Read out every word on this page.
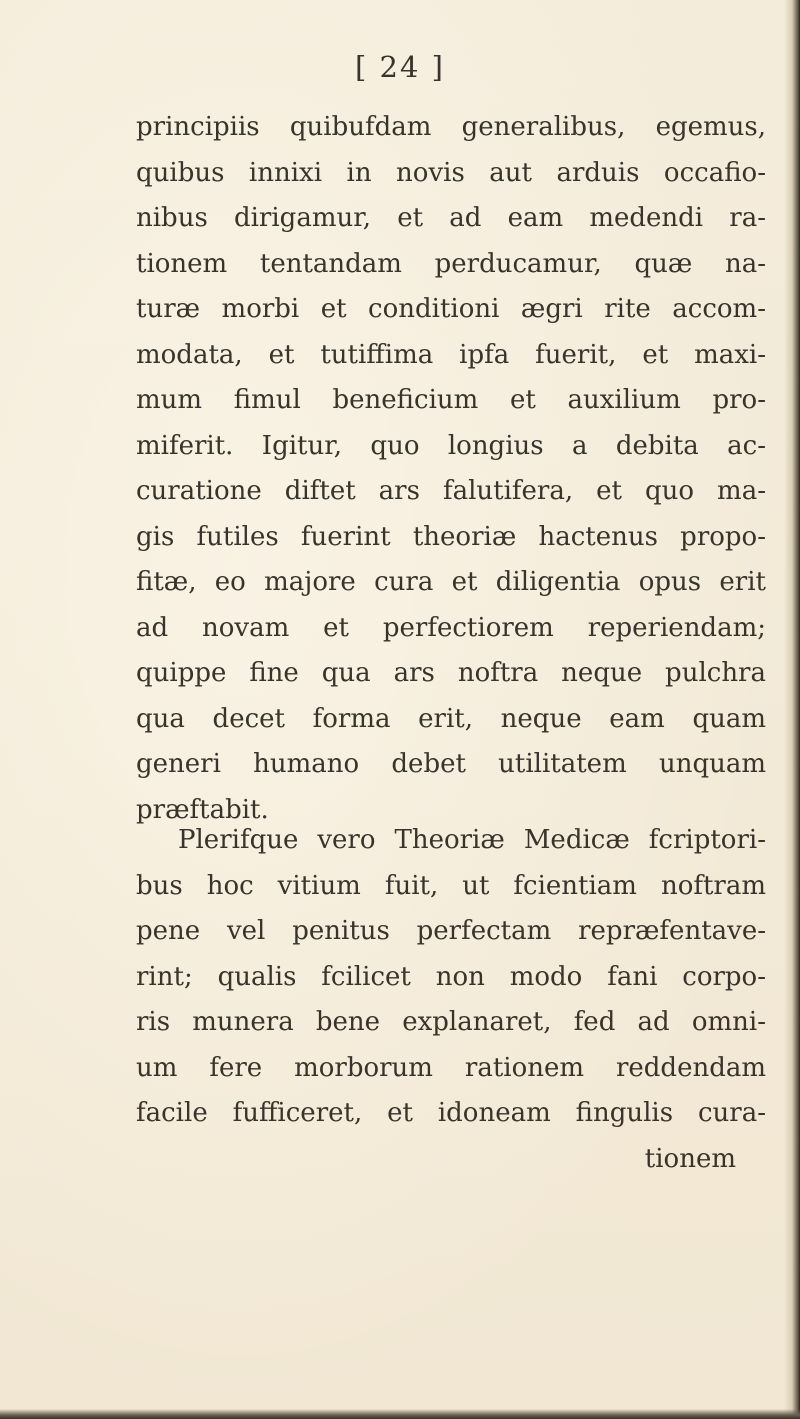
[ 24 ]
principiis quibufdam generalibus, egemus,
quibus innixi in novis aut arduis occafio-
nibus dirigamur, et ad eam medendi ra-
tionem tentandam perducamur, quæ na-
turæ morbi et conditioni ægri rite accom-
modata, et tutiffima ipfa fuerit, et maxi-
mum fimul beneficium et auxilium pro-
miferit. Igitur, quo longius a debita ac-
curatione diftet ars falutifera, et quo ma-
gis futiles fuerint theoriæ hactenus propo-
fitæ, eo majore cura et diligentia opus erit
ad novam et perfectiorem reperiendam;
quippe fine qua ars noftra neque pulchra
qua decet forma erit, neque eam quam
generi humano debet utilitatem unquam
præftabit.
Plerifque vero Theoriæ Medicæ fcriptori-
bus hoc vitium fuit, ut fcientiam noftram
pene vel penitus perfectam repræfentave-
rint; qualis fcilicet non modo fani corpo-
ris munera bene explanaret, fed ad omni-
um fere morborum rationem reddendam
facile fufficeret, et idoneam fingulis cura-
tionem
